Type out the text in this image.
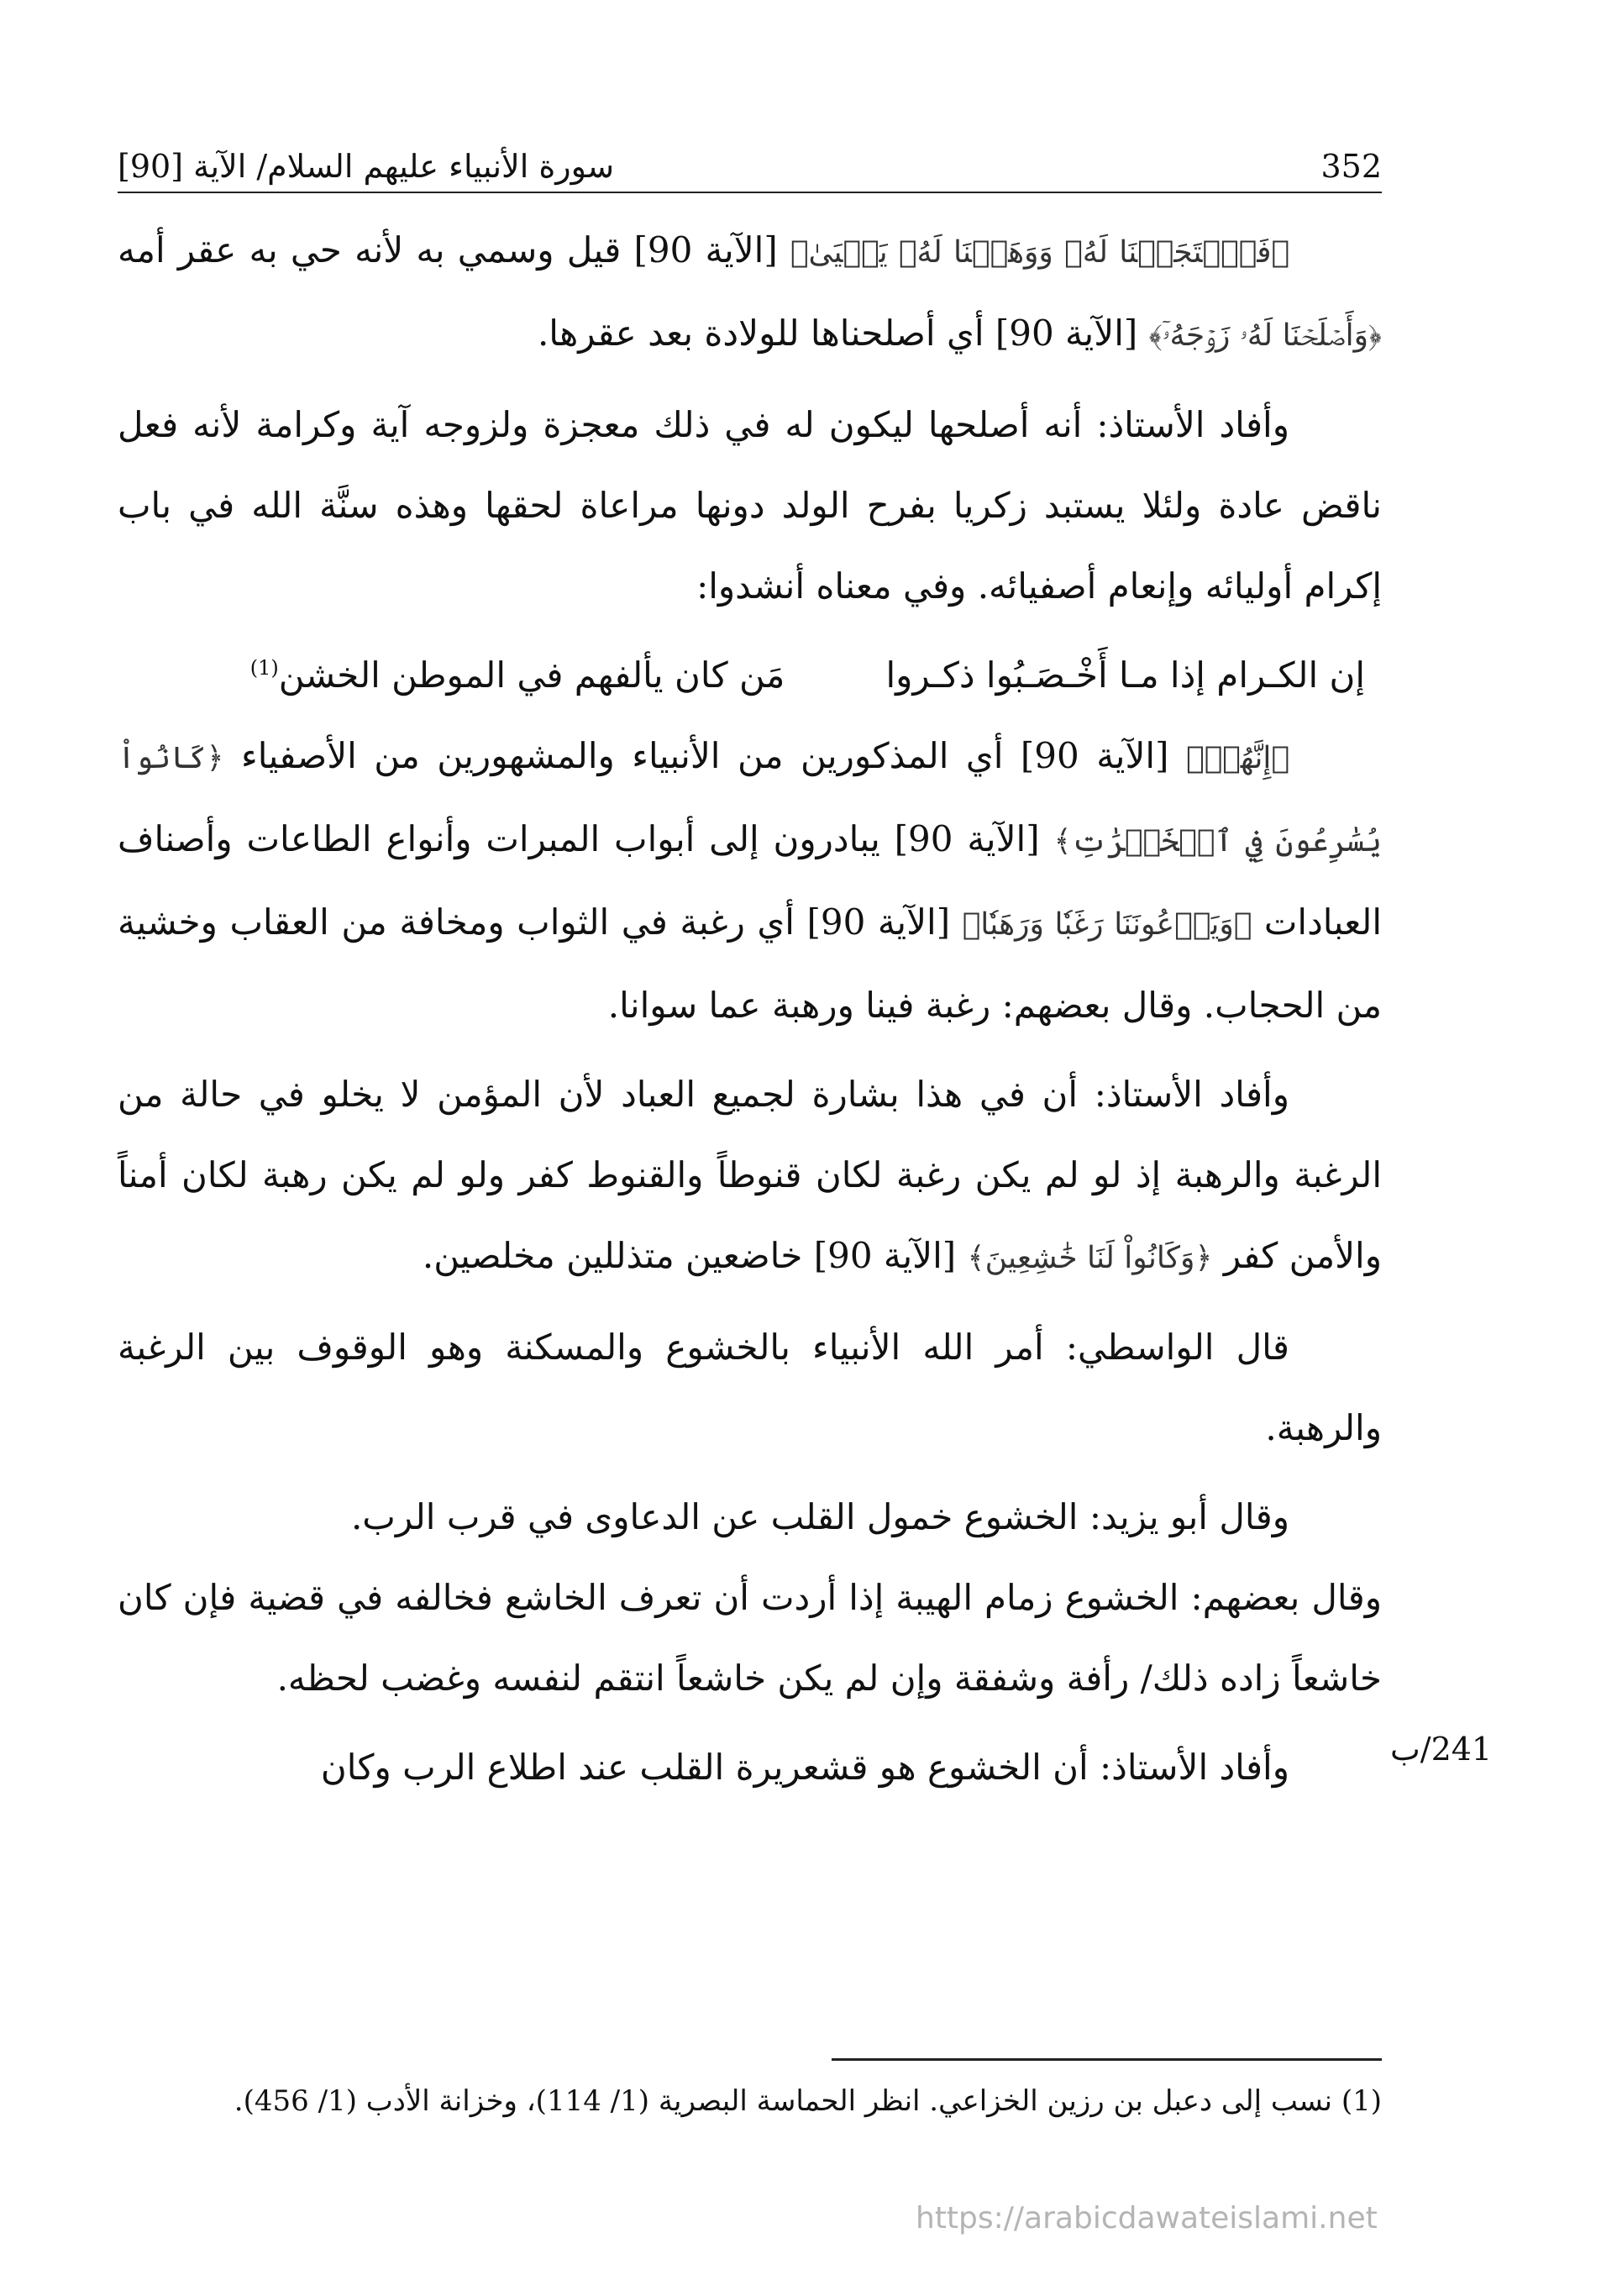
352
سورة الأنبياء عليهم السلام/ الآية [90]

﴿فَٱسۡتَجَبۡنَا لَهُۥ وَوَهَبۡنَا لَهُۥ يَحۡيَىٰ﴾ [الآية 90] قيل وسمي به لأنه حي به عقر أمه ﴿وَأَصۡلَحۡنَا لَهُۥ زَوۡجَهُۥٓ﴾ [الآية 90] أي أصلحناها للولادة بعد عقرها.

وأفاد الأستاذ: أنه أصلحها ليكون له في ذلك معجزة ولزوجه آية وكرامة لأنه فعل ناقض عادة ولئلا يستبد زكريا بفرح الولد دونها مراعاة لحقها وهذه سنَّة الله في باب إكرام أوليائه وإنعام أصفيائه. وفي معناه أنشدوا:

إن الكـرام إذا مـا أَخْـصَـبُوا ذكـروا
مَن كان يألفهم في الموطن الخشن$^{(1)}$

﴿إِنَّهُمۡ﴾ [الآية 90] أي المذكورين من الأنبياء والمشهورين من الأصفياء ﴿كَانُواْ يُسَٰرِعُونَ فِي ٱلۡخَيۡرَٰتِ﴾ [الآية 90] يبادرون إلى أبواب المبرات وأنواع الطاعات وأصناف العبادات ﴿وَيَدۡعُونَنَا رَغَبٗا وَرَهَبٗا﴾ [الآية 90] أي رغبة في الثواب ومخافة من العقاب وخشية من الحجاب. وقال بعضهم: رغبة فينا ورهبة عما سوانا.

وأفاد الأستاذ: أن في هذا بشارة لجميع العباد لأن المؤمن لا يخلو في حالة من الرغبة والرهبة إذ لو لم يكن رغبة لكان قنوطاً والقنوط كفر ولو لم يكن رهبة لكان أمناً والأمن كفر ﴿وَكَانُواْ لَنَا خَٰشِعِينَ﴾ [الآية 90] خاضعين متذللين مخلصين.

قال الواسطي: أمر الله الأنبياء بالخشوع والمسكنة وهو الوقوف بين الرغبة والرهبة.

وقال أبو يزيد: الخشوع خمول القلب عن الدعاوى في قرب الرب.

وقال بعضهم: الخشوع زمام الهيبة إذا أردت أن تعرف الخاشع فخالفه في قضية فإن كان خاشعاً زاده ذلك/ رأفة وشفقة وإن لم يكن خاشعاً انتقم لنفسه وغضب لحظه.

وأفاد الأستاذ: أن الخشوع هو قشعريرة القلب عند اطلاع الرب وكان	241/ب
(1) نسب إلى دعبل بن رزين الخزاعي. انظر الحماسة البصرية (1/ 114)، وخزانة الأدب (1/ 456).
https://arabicdawateislami.net
